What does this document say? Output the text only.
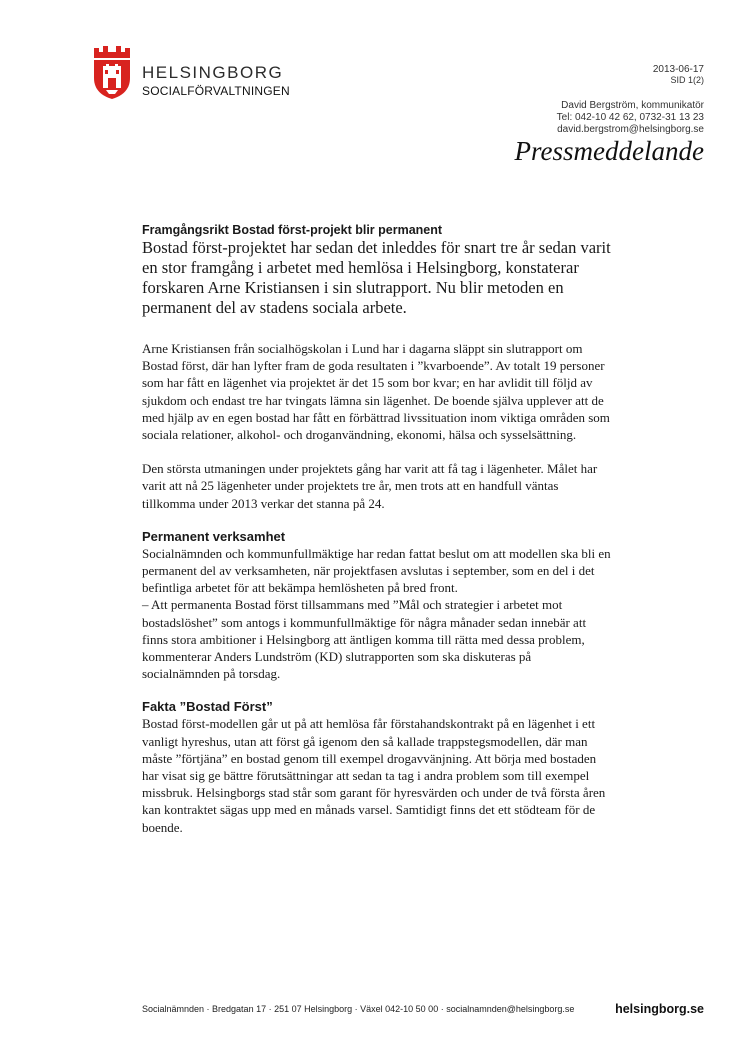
HELSINGBORG
SOCIALFÖRVALTNINGEN
2013-06-17
SID 1(2)
David Bergström, kommunikatör
Tel: 042-10 42 62, 0732-31 13 23
david.bergstrom@helsingborg.se
Pressmeddelande

Framgångsrikt Bostad först-projekt blir permanent

Bostad först-projektet har sedan det inleddes för snart tre år sedan varit en stor framgång i arbetet med hemlösa i Helsingborg, konstaterar forskaren Arne Kristiansen i sin slutrapport. Nu blir metoden en permanent del av stadens sociala arbete.

Arne Kristiansen från socialhögskolan i Lund har i dagarna släppt sin slutrapport om Bostad först, där han lyfter fram de goda resultaten i ”kvarboende”. Av totalt 19 personer som har fått en lägenhet via projektet är det 15 som bor kvar; en har avlidit till följd av sjukdom och endast tre har tvingats lämna sin lägenhet. De boende själva upplever att de med hjälp av en egen bostad har fått en förbättrad livssituation inom viktiga områden som sociala relationer, alkohol- och droganvändning, ekonomi, hälsa och sysselsättning.

Den största utmaningen under projektets gång har varit att få tag i lägenheter. Målet har varit att nå 25 lägenheter under projektets tre år, men trots att en handfull väntas tillkomma under 2013 verkar det stanna på 24.

Permanent verksamhet

Socialnämnden och kommunfullmäktige har redan fattat beslut om att modellen ska bli en permanent del av verksamheten, när projektfasen avslutas i september, som en del i det befintliga arbetet för att bekämpa hemlösheten på bred front.

– Att permanenta Bostad först tillsammans med ”Mål och strategier i arbetet mot bostadslöshet” som antogs i kommunfullmäktige för några månader sedan innebär att finns stora ambitioner i Helsingborg att äntligen komma till rätta med dessa problem, kommenterar Anders Lundström (KD) slutrapporten som ska diskuteras på socialnämnden på torsdag.

Fakta ”Bostad Först”

Bostad först-modellen går ut på att hemlösa får förstahandskontrakt på en lägenhet i ett vanligt hyreshus, utan att först gå igenom den så kallade trappstegsmodellen, där man måste ”förtjäna” en bostad genom till exempel drogavvänjning. Att börja med bostaden har visat sig ge bättre förutsättningar att sedan ta tag i andra problem som till exempel missbruk. Helsingborgs stad står som garant för hyresvärden och under de två första åren kan kontraktet sägas upp med en månads varsel. Samtidigt finns det ett stödteam för de boende.

Socialnämnden · Bredgatan 17 · 251 07 Helsingborg · Växel 042-10 50 00 · socialnamnden@helsingborg.se	helsingborg.se
